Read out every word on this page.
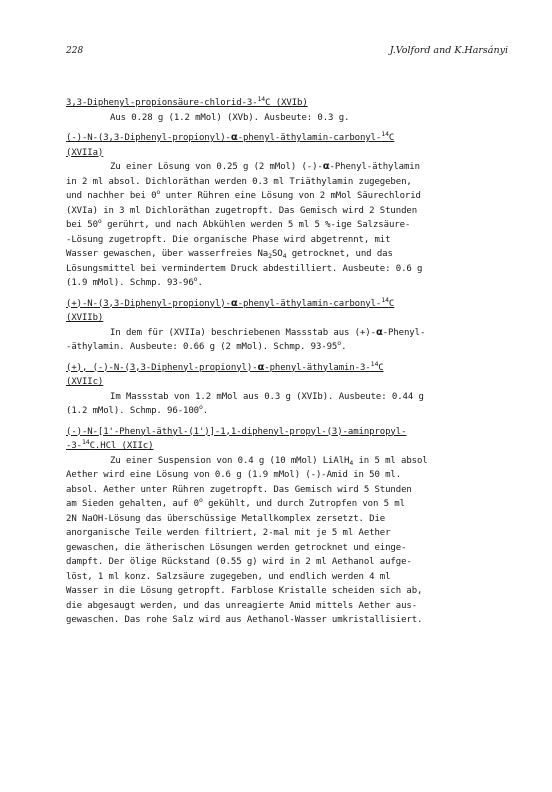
228	J.Volford and K.Harsányi
3,3-Diphenyl-propionsäure-chlorid-3-$^{14}$C (XVIb)
Aus 0.28 g (1.2 mMol) (XVb). Ausbeute: 0.3 g.
(-)-N-(3,3-Diphenyl-propionyl)-α-phenyl-äthylamin-carbonyl-$^{14}$C
(XVIIa)
Zu einer Lösung von 0.25 g (2 mMol) (-)-α-Phenyl-äthylamin
in 2 ml absol. Dichloräthan werden 0.3 ml Triäthylamin zugegeben,
und nachher bei 0$^o$ unter Rühren eine Lösung von 2 mMol Säurechlorid
(XVIa) in 3 ml Dichloräthan zugetropft. Das Gemisch wird 2 Stunden
bei 50$^o$ gerührt, und nach Abkühlen werden 5 ml 5 %-ige Salzsäure-
-Lösung zugetropft. Die organische Phase wird abgetrennt, mit
Wasser gewaschen, über wasserfreies $Na_2SO_4$ getrocknet, und das
Lösungsmittel bei vermindertem Druck abdestilliert. Ausbeute: 0.6 g
(1.9 mMol). Schmp. 93-96$^o$.
(+)-N-(3,3-Diphenyl-propionyl)-α-phenyl-äthylamin-carbonyl-$^{14}$C
(XVIIb)
In dem für (XVIIa) beschriebenen Massstab aus (+)-α-Phenyl-
-äthylamin. Ausbeute: 0.66 g (2 mMol). Schmp. 93-95$^o$.
(+), (-)-N-(3,3-Diphenyl-propionyl)-α-phenyl-äthylamin-3-$^{14}$C
(XVIIc)
Im Massstab von 1.2 mMol aus 0.3 g (XVIb). Ausbeute: 0.44 g
(1.2 mMol). Schmp. 96-100$^o$.
(-)-N-[1'-Phenyl-äthyl-(1')]-1,1-diphenyl-propyl-(3)-aminpropyl-
-3-$^{14}$C.HCl (XIIc)
Zu einer Suspension von 0.4 g (10 mMol) LiAlH$_4$ in 5 ml absol
Aether wird eine Lösung von 0.6 g (1.9 mMol) (-)-Amid in 50 ml.
absol. Aether unter Rühren zugetropft. Das Gemisch wird 5 Stunden
am Sieden gehalten, auf 0$^o$ gekühlt, und durch Zutropfen von 5 ml
2N NaOH-Lösung das überschüssige Metallkomplex zersetzt. Die
anorganische Teile werden filtriert, 2-mal mit je 5 ml Aether
gewaschen, die ätherischen Lösungen werden getrocknet und einge-
dampft. Der ölige Rückstand (0.55 g) wird in 2 ml Aethanol aufge-
löst, 1 ml konz. Salzsäure zugegeben, und endlich werden 4 ml
Wasser in die Lösung getropft. Farblose Kristalle scheiden sich ab,
die abgesaugt werden, und das unreagierte Amid mittels Aether aus-
gewaschen. Das rohe Salz wird aus Aethanol-Wasser umkristallisiert.
